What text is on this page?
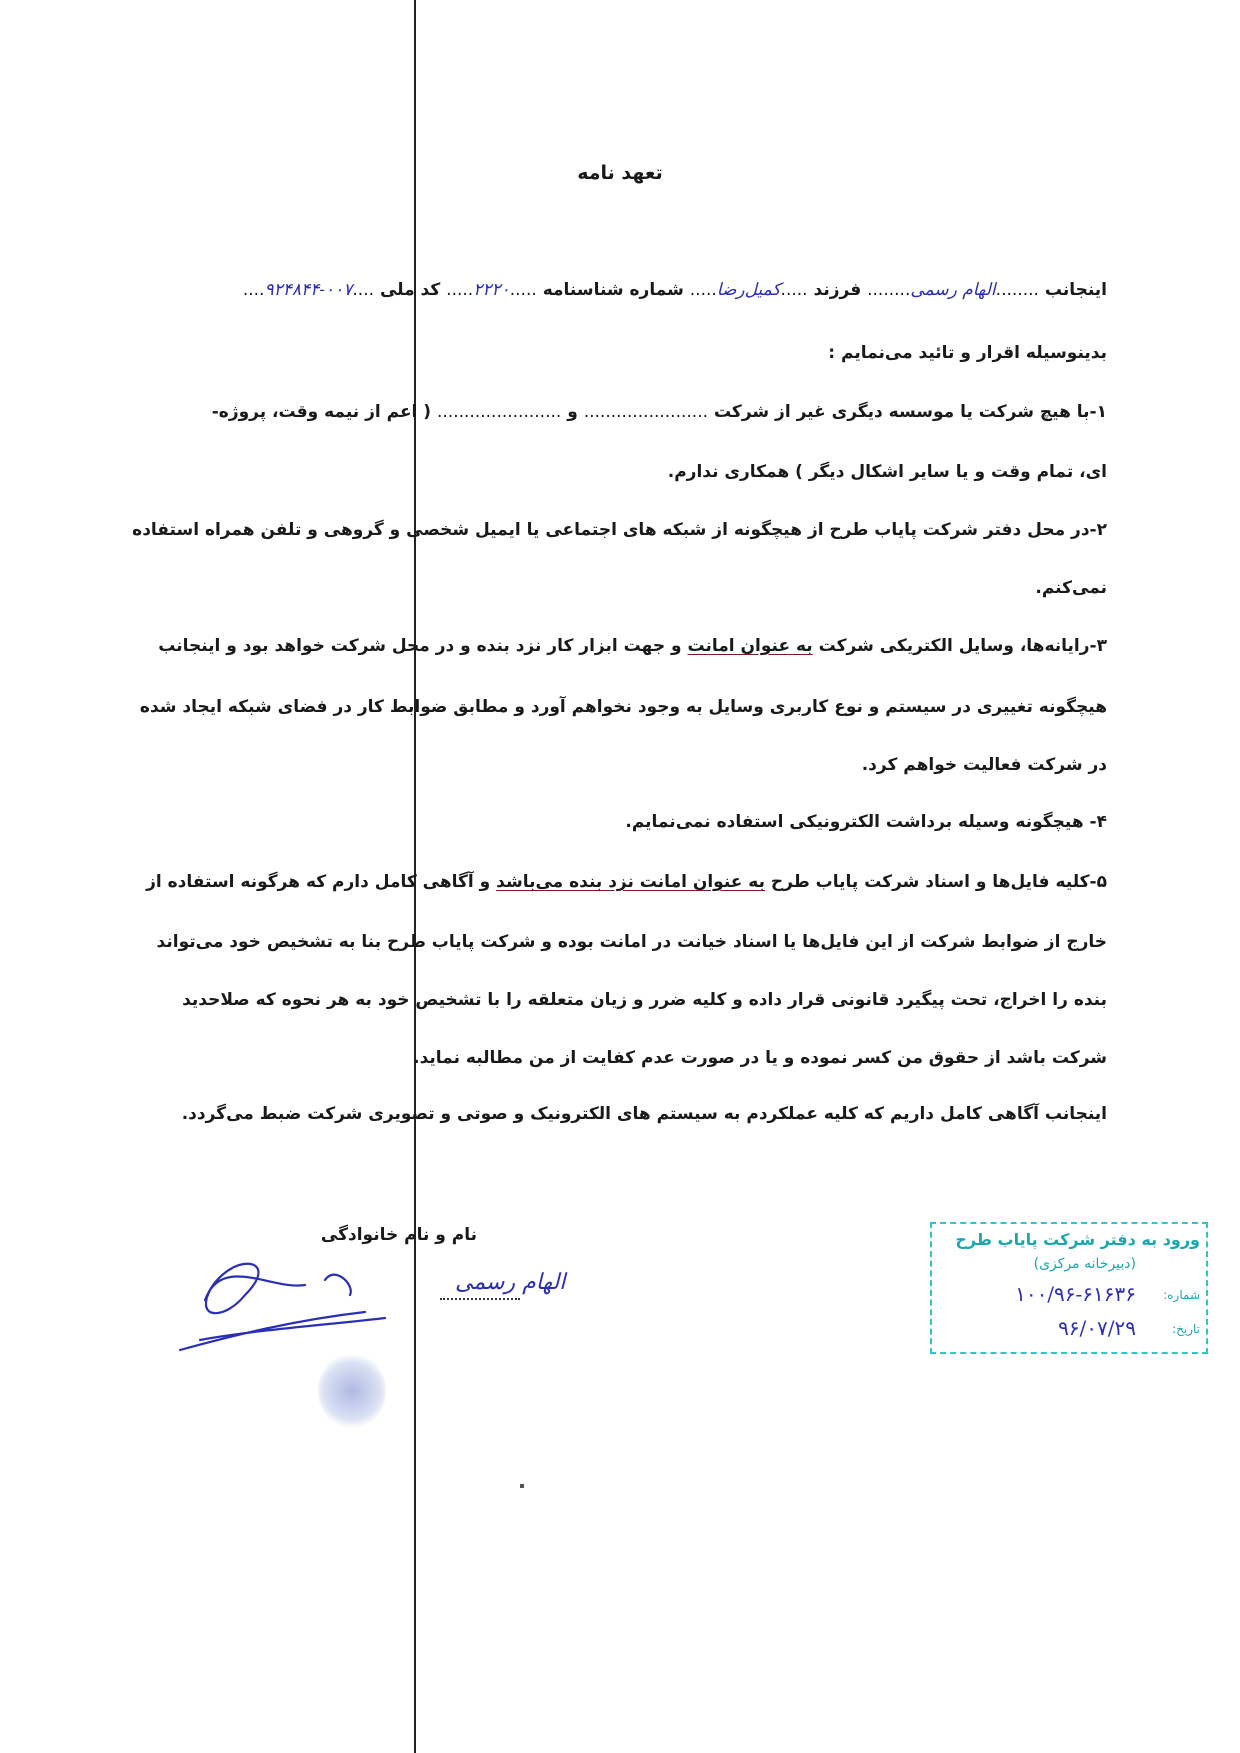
تعهد نامه
اینجانب ........الهام رسمی........ فرزند .....کمیل‌رضا..... شماره شناسنامه .....۲۲۲۰..... کد ملی ....۰۰۷-۹۲۴۸۴۴....
بدینوسیله اقرار و تائید می‌نمایم :
۱-با هیچ شرکت یا موسسه دیگری غیر از شرکت ....................... و ....................... ( اعم از نیمه وقت، پروژه-
ای، تمام وقت و یا سایر اشکال دیگر ) همکاری ندارم.
۲-در محل دفتر شرکت پایاب طرح از هیچگونه از شبکه های اجتماعی یا ایمیل شخصی و گروهی و تلفن همراه استفاده
نمی‌کنم.
۳-رایانه‌ها، وسایل الکتریکی شرکت به عنوان امانت و جهت ابزار کار نزد بنده و در محل شرکت خواهد بود و اینجانب
هیچگونه تغییری در سیستم و نوع کاربری وسایل به وجود نخواهم آورد و مطابق ضوابط کار در فضای شبکه ایجاد شده
در شرکت فعالیت خواهم کرد.
۴- هیچگونه وسیله برداشت الکترونیکی استفاده نمی‌نمایم.
۵-کلیه فایل‌ها و اسناد شرکت پایاب طرح به عنوان امانت نزد بنده می‌باشد و آگاهی کامل دارم که هرگونه استفاده از
خارج از ضوابط شرکت از این فایل‌ها یا اسناد خیانت در امانت بوده و شرکت پایاب طرح بنا به تشخیص خود می‌تواند
بنده را اخراج، تحت پیگیرد قانونی قرار داده و کلیه ضرر و زیان متعلقه را با تشخیص خود به هر نحوه که صلاحدید
شرکت باشد از حقوق من کسر نموده و یا در صورت عدم کفایت از من مطالبه نماید.
اینجانب آگاهی کامل داریم که کلیه عملکردم به سیستم های الکترونیک و صوتی و تصویری شرکت ضبط می‌گردد.
نام و نام خانوادگی
الهام رسمی
ورود به دفتر شرکت پایاب طرح
(دبیرخانه مرکزی)
شماره:
۱۰۰/۹۶-۶۱۶۳۶
تاریخ:
۹۶/۰۷/۲۹
